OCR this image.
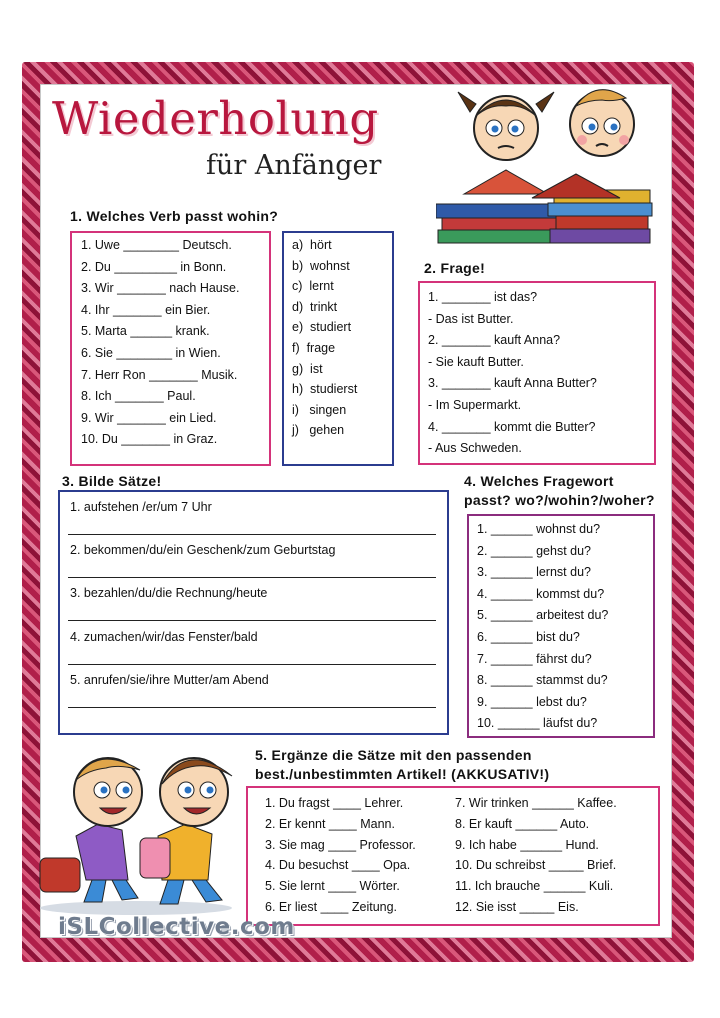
Wiederholung
für Anfänger
1. Welches Verb passt wohin?
1. Uwe ________ Deutsch.
2. Du _________ in Bonn.
3. Wir _______ nach Hause.
4. Ihr _______ ein Bier.
5. Marta ______ krank.
6. Sie ________ in Wien.
7. Herr Ron _______ Musik.
8. Ich _______ Paul.
9. Wir _______ ein Lied.
10. Du _______ in Graz.
a)  hört
b)  wohnst
c)  lernt
d)  trinkt
e)  studiert
f)  frage
g)  ist
h)  studierst
i)   singen
j)   gehen
2. Frage!
1. _______ ist das?
- Das ist Butter.
2. _______ kauft Anna?
- Sie kauft Butter.
3. _______ kauft Anna Butter?
- Im Supermarkt.
4. _______ kommt die Butter?
- Aus Schweden.
3. Bilde Sätze!
1. aufstehen /er/um 7 Uhr
2. bekommen/du/ein Geschenk/zum Geburtstag
3. bezahlen/du/die Rechnung/heute
4. zumachen/wir/das Fenster/bald
5. anrufen/sie/ihre Mutter/am Abend
4. Welches Fragewort
passt? wo?/wohin?/woher?
1. ______ wohnst du?
2. ______ gehst du?
3. ______ lernst du?
4. ______ kommst du?
5. ______ arbeitest du?
6. ______ bist du?
7. ______ fährst du?
8. ______ stammst du?
9. ______ lebst du?
10. ______ läufst du?
5. Ergänze die Sätze mit den passenden
best./unbestimmten Artikel! (AKKUSATIV!)
1. Du fragst ____ Lehrer.
2. Er kennt ____ Mann.
3. Sie mag ____ Professor.
4. Du besuchst ____ Opa.
5. Sie lernt ____ Wörter.
6. Er liest ____ Zeitung.
7. Wir trinken ______ Kaffee.
8. Er kauft ______ Auto.
9. Ich habe ______ Hund.
10. Du schreibst _____ Brief.
11. Ich brauche ______ Kuli.
12. Sie isst _____ Eis.
iSLCollective.com
